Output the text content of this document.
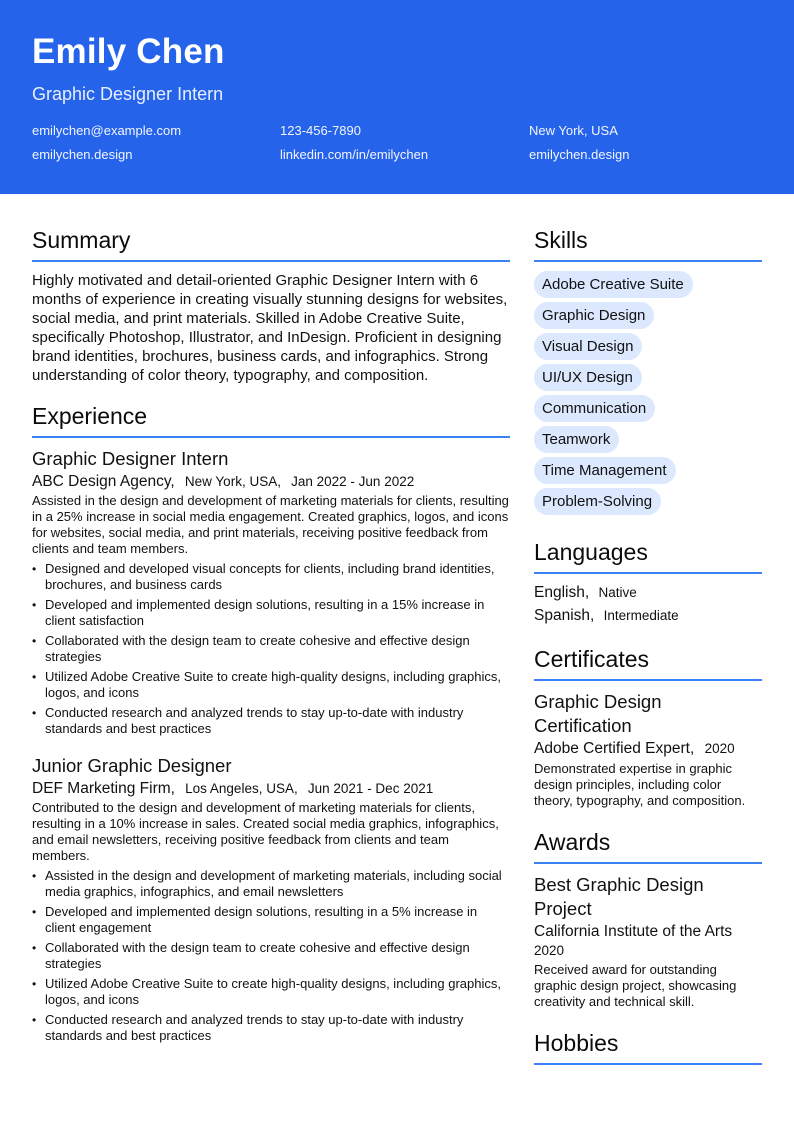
Emily Chen
Graphic Designer Intern
emilychen@example.com	123-456-7890	New York, USA
emilychen.design	linkedin.com/in/emilychen	emilychen.design
Summary
Highly motivated and detail-oriented Graphic Designer Intern with 6 months of experience in creating visually stunning designs for websites, social media, and print materials. Skilled in Adobe Creative Suite, specifically Photoshop, Illustrator, and InDesign. Proficient in designing brand identities, brochures, business cards, and infographics. Strong understanding of color theory, typography, and composition.
Experience
Graphic Designer Intern
ABC Design Agency, New York, USA, Jan 2022 - Jun 2022
Assisted in the design and development of marketing materials for clients, resulting in a 25% increase in social media engagement. Created graphics, logos, and icons for websites, social media, and print materials, receiving positive feedback from clients and team members.
• Designed and developed visual concepts for clients, including brand identities, brochures, and business cards
• Developed and implemented design solutions, resulting in a 15% increase in client satisfaction
• Collaborated with the design team to create cohesive and effective design strategies
• Utilized Adobe Creative Suite to create high-quality designs, including graphics, logos, and icons
• Conducted research and analyzed trends to stay up-to-date with industry standards and best practices
Junior Graphic Designer
DEF Marketing Firm, Los Angeles, USA, Jun 2021 - Dec 2021
Contributed to the design and development of marketing materials for clients, resulting in a 10% increase in sales. Created social media graphics, infographics, and email newsletters, receiving positive feedback from clients and team members.
• Assisted in the design and development of marketing materials, including social media graphics, infographics, and email newsletters
• Developed and implemented design solutions, resulting in a 5% increase in client engagement
• Collaborated with the design team to create cohesive and effective design strategies
• Utilized Adobe Creative Suite to create high-quality designs, including graphics, logos, and icons
• Conducted research and analyzed trends to stay up-to-date with industry standards and best practices
Skills
Adobe Creative Suite
Graphic Design
Visual Design
UI/UX Design
Communication
Teamwork
Time Management
Problem-Solving
Languages
English, Native
Spanish, Intermediate
Certificates
Graphic Design Certification
Adobe Certified Expert, 2020
Demonstrated expertise in graphic design principles, including color theory, typography, and composition.
Awards
Best Graphic Design Project
California Institute of the Arts
2020
Received award for outstanding graphic design project, showcasing creativity and technical skill.
Hobbies
